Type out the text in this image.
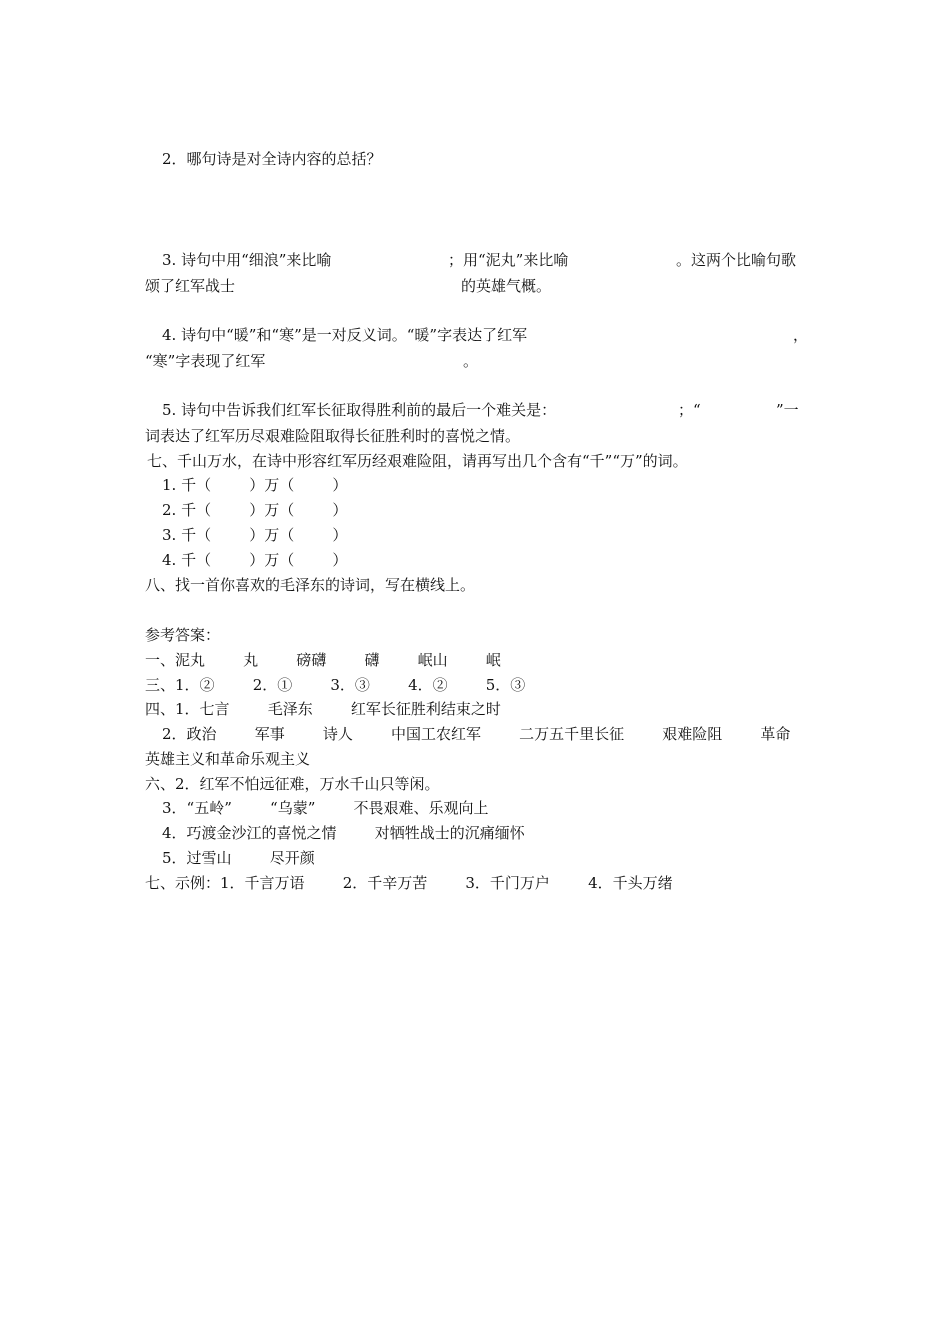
2．哪句诗是对全诗内容的总括？
3. 诗句中用“细浪”来比喻	；用“泥丸”来比喻	。这两个比喻句歌
颂了红军战士	的英雄气概。
4. 诗句中“暖”和“寒”是一对反义词。“暖”字表达了红军	，
“寒”字表现了红军	。
5. 诗句中告诉我们红军长征取得胜利前的最后一个难关是：	；“	”一
词表达了红军历尽艰难险阻取得长征胜利时的喜悦之情。
七、千山万水，在诗中形容红军历经艰难险阻，请再写出几个含有“千”“万”的词。
1. 千（        ）万（        ）
2. 千（        ）万（        ）
3. 千（        ）万（        ）
4. 千（        ）万（        ）
八、找一首你喜欢的毛泽东的诗词，写在横线上。
参考答案：
一、泥丸        丸        磅礴        礴        岷山        岷
三、1．②        2．①        3．③        4．②        5．③
四、1．七言        毛泽东        红军长征胜利结束之时
2．政治        军事        诗人        中国工农红军        二万五千里长征        艰难险阻        革命
英雄主义和革命乐观主义
六、2．红军不怕远征难，万水千山只等闲。
3．“五岭”        “乌蒙”        不畏艰难、乐观向上
4．巧渡金沙江的喜悦之情        对牺牲战士的沉痛缅怀
5．过雪山        尽开颜
七、示例：1．千言万语        2．千辛万苦        3．千门万户        4．千头万绪
